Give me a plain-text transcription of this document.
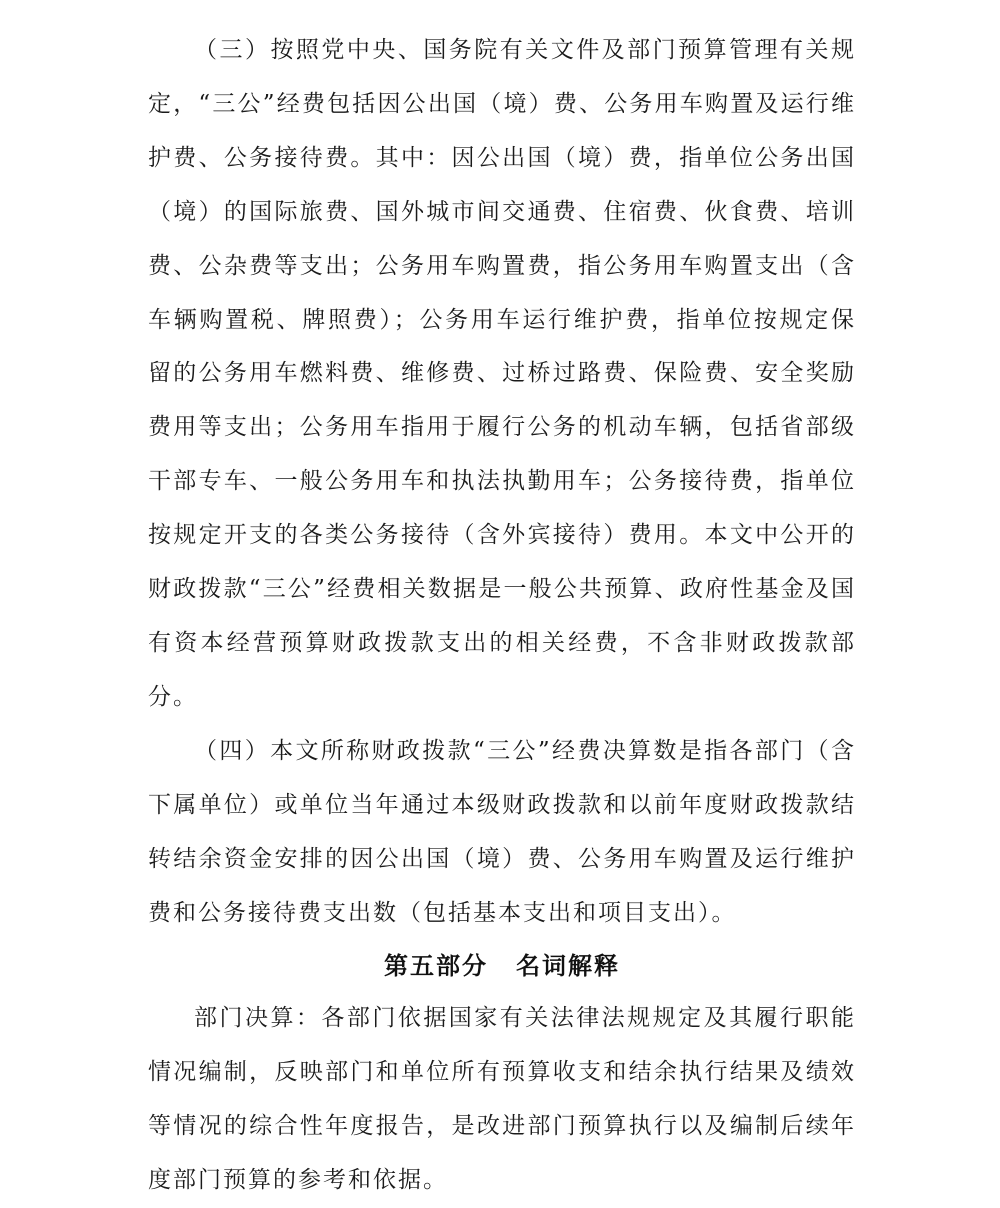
（三）按照党中央、国务院有关文件及部门预算管理有关规定，“三公”经费包括因公出国（境）费、公务用车购置及运行维护费、公务接待费。其中：因公出国（境）费，指单位公务出国（境）的国际旅费、国外城市间交通费、住宿费、伙食费、培训费、公杂费等支出；公务用车购置费，指公务用车购置支出（含车辆购置税、牌照费）；公务用车运行维护费，指单位按规定保留的公务用车燃料费、维修费、过桥过路费、保险费、安全奖励费用等支出；公务用车指用于履行公务的机动车辆，包括省部级干部专车、一般公务用车和执法执勤用车；公务接待费，指单位按规定开支的各类公务接待（含外宾接待）费用。本文中公开的财政拨款“三公”经费相关数据是一般公共预算、政府性基金及国有资本经营预算财政拨款支出的相关经费，不含非财政拨款部分。

（四）本文所称财政拨款“三公”经费决算数是指各部门（含下属单位）或单位当年通过本级财政拨款和以前年度财政拨款结转结余资金安排的因公出国（境）费、公务用车购置及运行维护费和公务接待费支出数（包括基本支出和项目支出）。

第五部分 名词解释

部门决算：各部门依据国家有关法律法规规定及其履行职能情况编制，反映部门和单位所有预算收支和结余执行结果及绩效等情况的综合性年度报告，是改进部门预算执行以及编制后续年度部门预算的参考和依据。
